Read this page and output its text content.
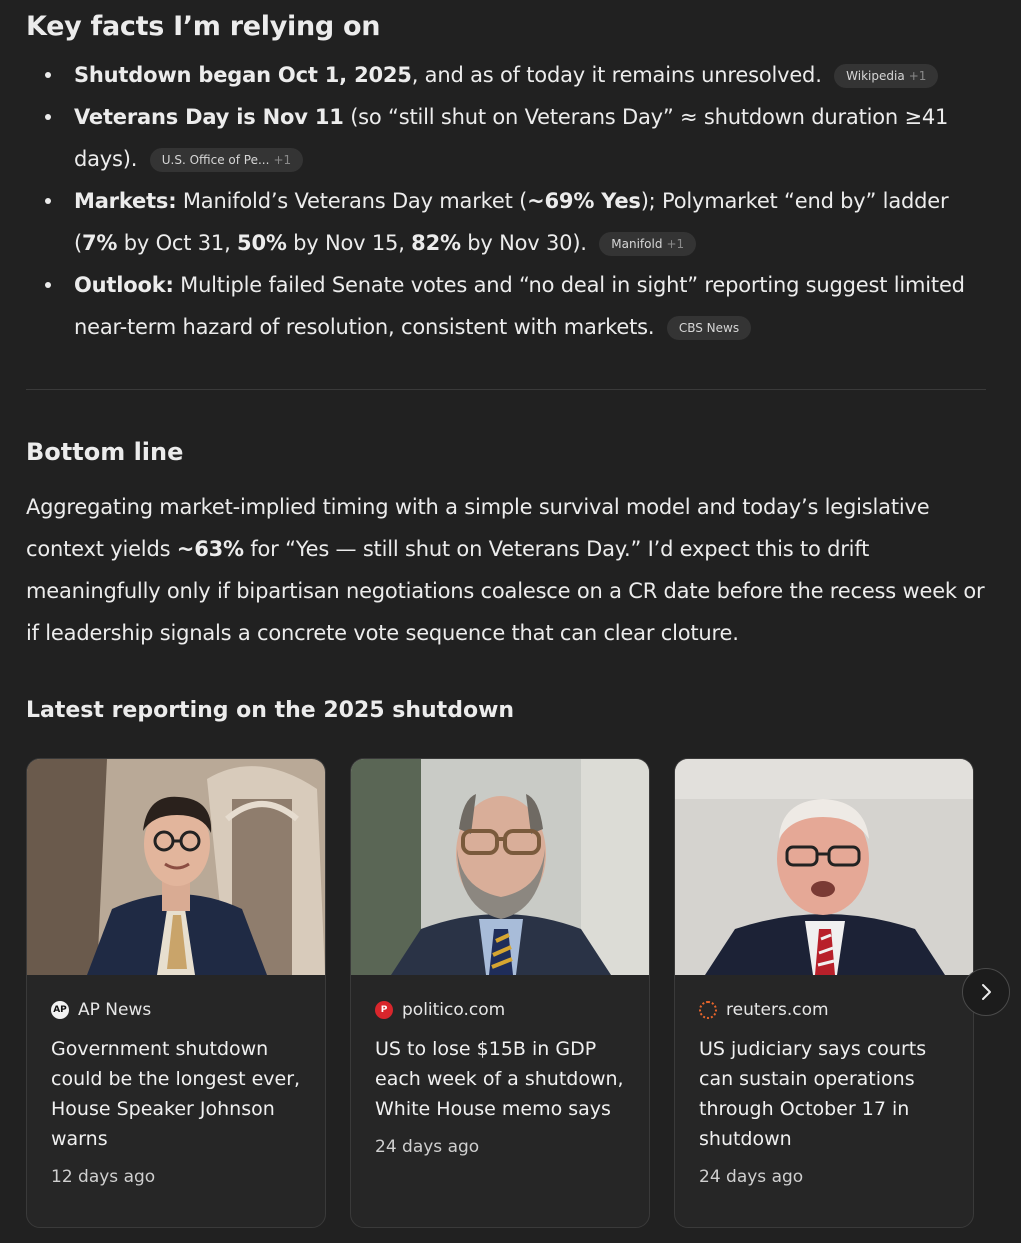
Key facts I’m relying on
Shutdown began Oct 1, 2025, and as of today it remains unresolved. Wikipedia +1
Veterans Day is Nov 11 (so “still shut on Veterans Day” ≈ shutdown duration ≥41 days). U.S. Office of Pe... +1
Markets: Manifold’s Veterans Day market (~69% Yes); Polymarket “end by” ladder (7% by Oct 31, 50% by Nov 15, 82% by Nov 30). Manifold +1
Outlook: Multiple failed Senate votes and “no deal in sight” reporting suggest limited near-term hazard of resolution, consistent with markets. CBS News
Bottom line

Aggregating market-implied timing with a simple survival model and today’s legislative context yields ~63% for “Yes — still shut on Veterans Day.” I’d expect this to drift meaningfully only if bipartisan negotiations coalesce on a CR date before the recess week or if leadership signals a concrete vote sequence that can clear cloture.

Latest reporting on the 2025 shutdown
AP AP News
Government shutdown could be the longest ever, House Speaker Johnson warns
12 days ago
P politico.com
US to lose $15B in GDP each week of a shutdown, White House memo says
24 days ago
reuters.com
US judiciary says courts can sustain operations through October 17 in shutdown
24 days ago
